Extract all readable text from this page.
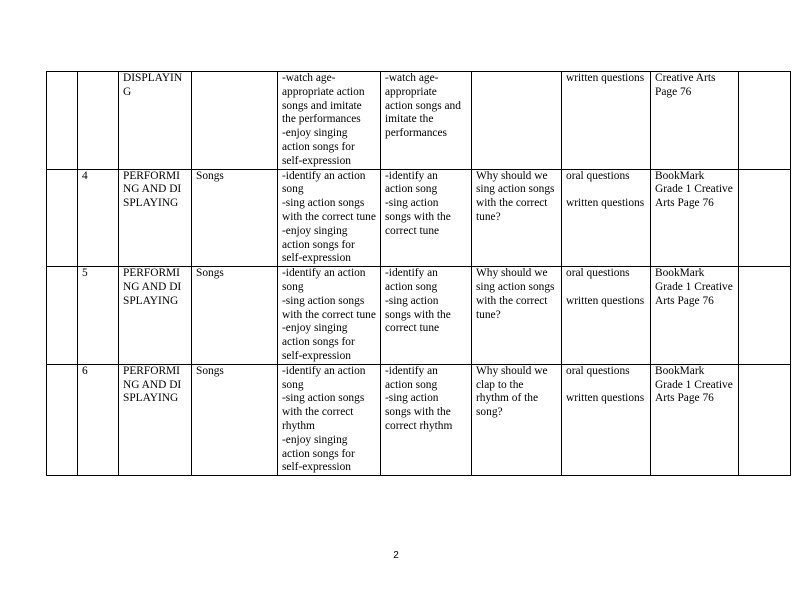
		DISPLAYING		-watch age-appropriate action songs and imitate the performances
-enjoy singing action songs for self-expression	-watch age-appropriate action songs and imitate the performances		written questions	Creative Arts Page 76	

	4	PERFORMING AND DISPLAYING	Songs	-identify an action song
-sing action songs with the correct tune
-enjoy singing action songs for self-expression	-identify an action song
-sing action songs with the correct tune	Why should we sing action songs with the correct tune?	oral questions
written questions	BookMark Grade 1 Creative Arts Page 76	

	5	PERFORMING AND DISPLAYING	Songs	-identify an action song
-sing action songs with the correct tune
-enjoy singing action songs for self-expression	-identify an action song
-sing action songs with the correct tune	Why should we sing action songs with the correct tune?	oral questions
written questions	BookMark Grade 1 Creative Arts Page 76	

	6	PERFORMING AND DISPLAYING	Songs	-identify an action song
-sing action songs with the correct rhythm
-enjoy singing action songs for self-expression	-identify an action song
-sing action songs with the correct rhythm	Why should we clap to the rhythm of the song?	oral questions
written questions	BookMark Grade 1 Creative Arts Page 76	

2
